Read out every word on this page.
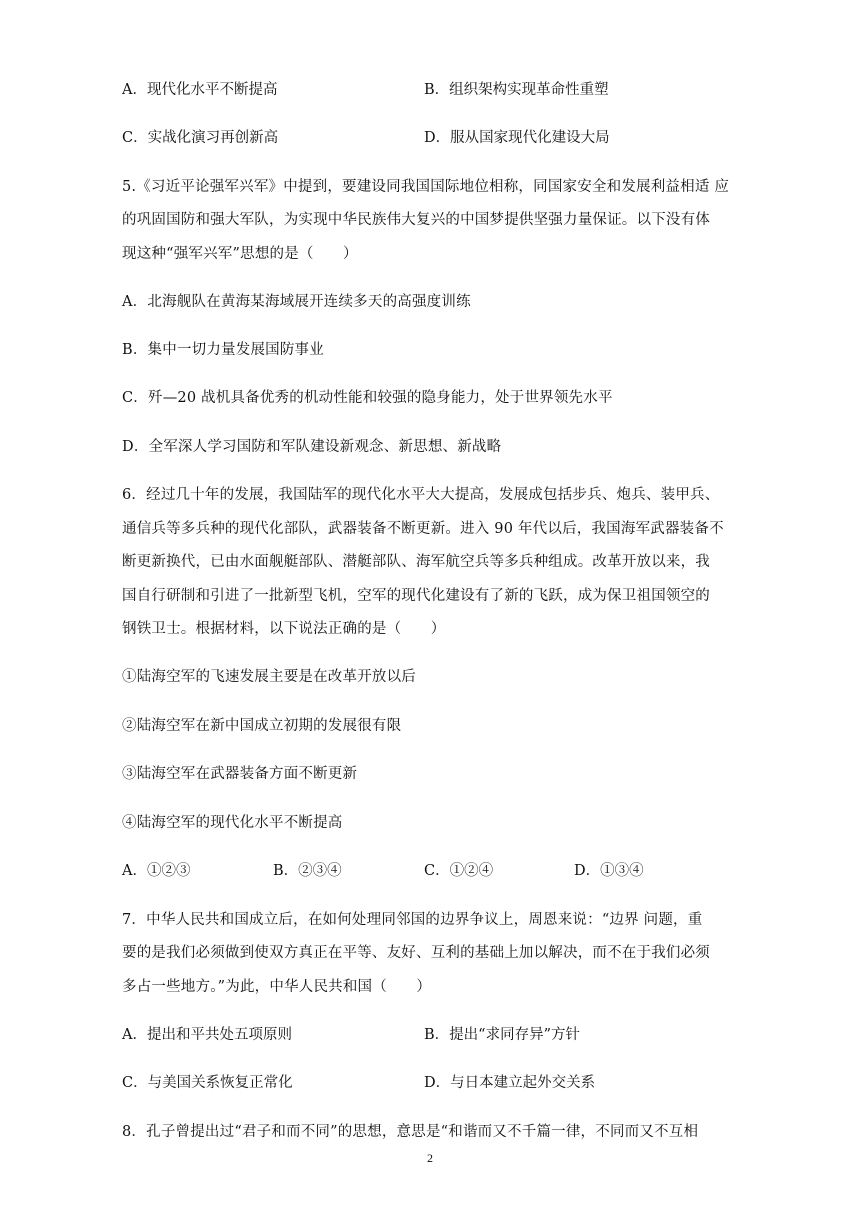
A．现代化水平不断提高	B．组织架构实现革命性重塑
C．实战化演习再创新高	D．服从国家现代化建设大局
5.《习近平论强军兴军》中提到，要建设同我国国际地位相称，同国家安全和发展利益相适 应
的巩固国防和强大军队，为实现中华民族伟大复兴的中国梦提供坚强力量保证。以下没有体
现这种“强军兴军”思想的是（　　）
A．北海舰队在黄海某海域展开连续多天的高强度训练
B．集中一切力量发展国防事业
C．歼—20 战机具备优秀的机动性能和较强的隐身能力，处于世界领先水平
D．全军深人学习国防和军队建设新观念、新思想、新战略
6．经过几十年的发展，我国陆军的现代化水平大大提高，发展成包括步兵、炮兵、装甲兵、
通信兵等多兵种的现代化部队，武器装备不断更新。进入 90 年代以后，我国海军武器装备不
断更新换代，已由水面舰艇部队、潜艇部队、海军航空兵等多兵种组成。改革开放以来，我
国自行研制和引进了一批新型飞机，空军的现代化建设有了新的飞跃，成为保卫祖国领空的
钢铁卫士。根据材料，以下说法正确的是（　　）
①陆海空军的飞速发展主要是在改革开放以后
②陆海空军在新中国成立初期的发展很有限
③陆海空军在武器装备方面不断更新
④陆海空军的现代化水平不断提高
A．①②③	B．②③④	C．①②④	D．①③④
7．中华人民共和国成立后，在如何处理同邻国的边界争议上，周恩来说：“边界 问题，重
要的是我们必须做到使双方真正在平等、友好、互利的基础上加以解决，而不在于我们必须
多占一些地方。”为此，中华人民共和国（　　）
A．提出和平共处五项原则	B．提出“求同存异”方针
C．与美国关系恢复正常化	D．与日本建立起外交关系
8．孔子曾提出过“君子和而不同”的思想，意思是“和谐而又不千篇一律，不同而又不互相
2
